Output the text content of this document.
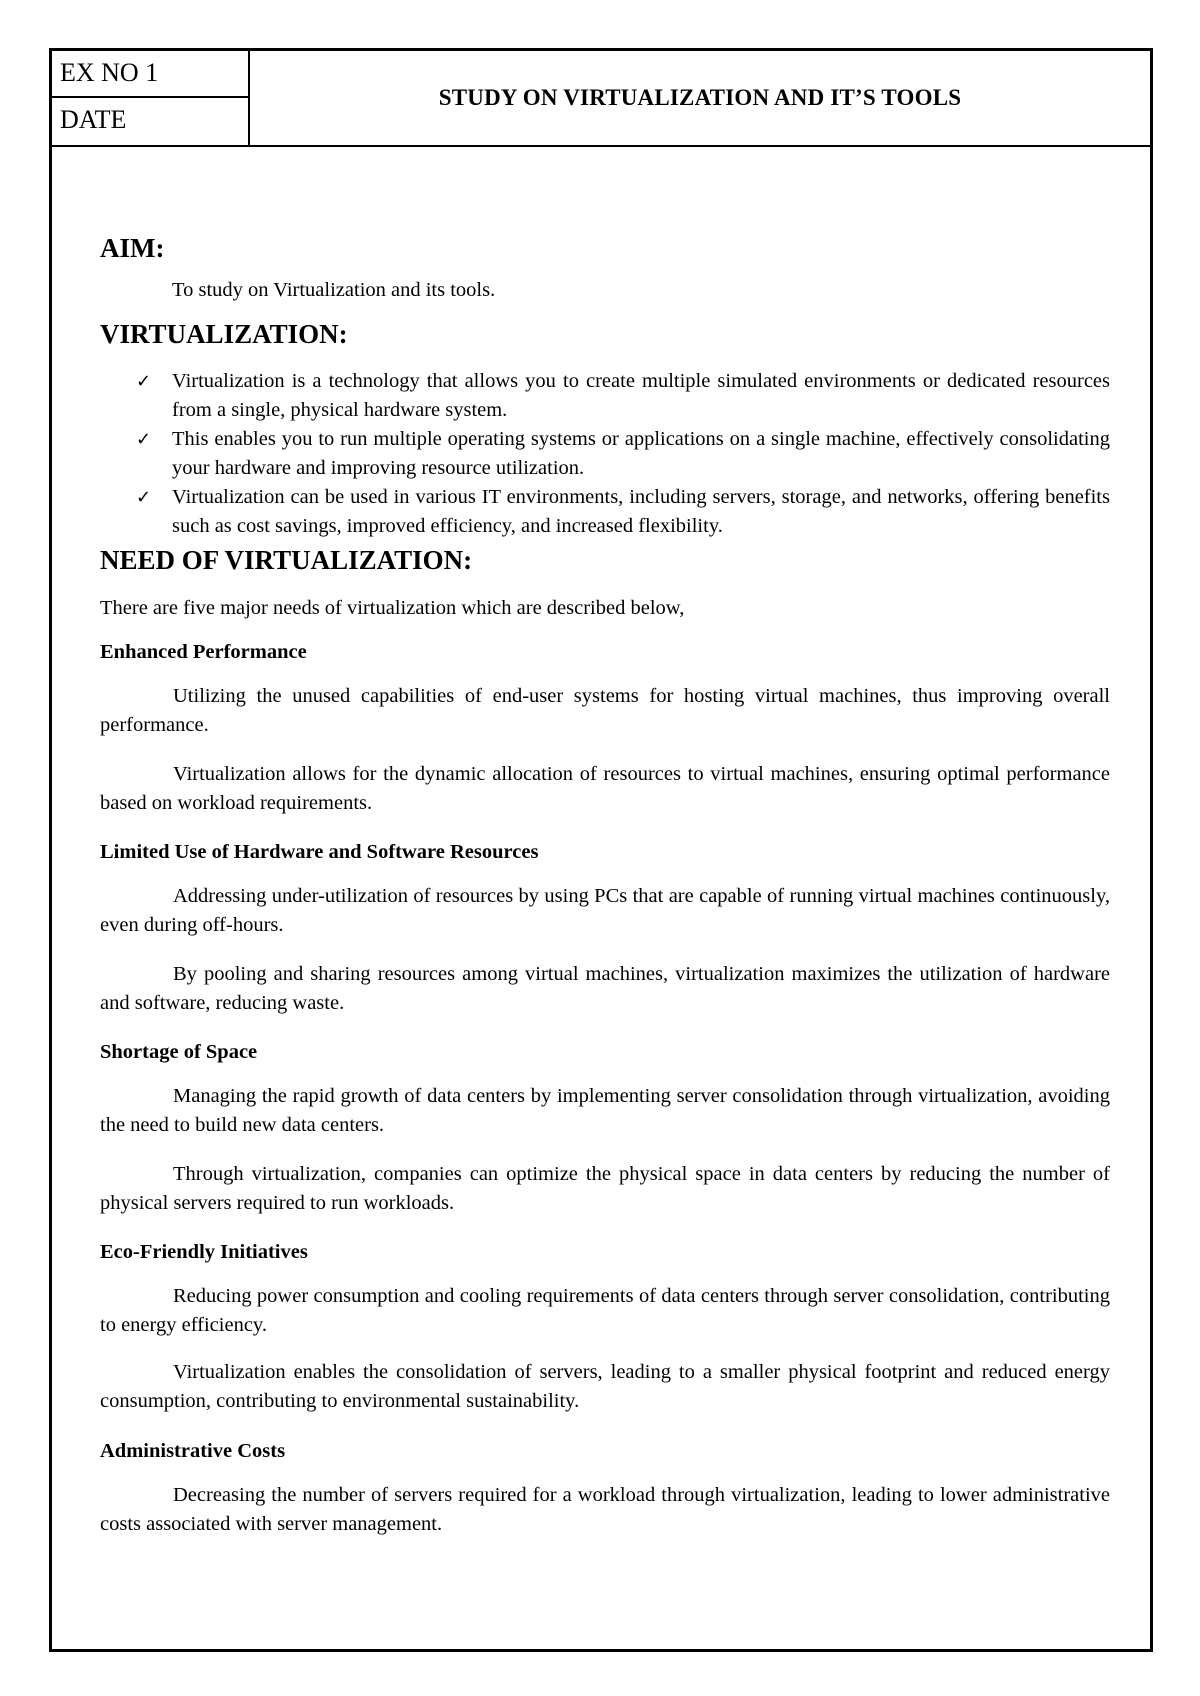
EX NO 1
DATE
STUDY ON VIRTUALIZATION AND IT’S TOOLS
AIM:

To study on Virtualization and its tools.

VIRTUALIZATION:
✓ Virtualization is a technology that allows you to create multiple simulated environments or dedicated resources from a single, physical hardware system.
✓ This enables you to run multiple operating systems or applications on a single machine, effectively consolidating your hardware and improving resource utilization.
✓ Virtualization can be used in various IT environments, including servers, storage, and networks, offering benefits such as cost savings, improved efficiency, and increased flexibility.
NEED OF VIRTUALIZATION:

There are five major needs of virtualization which are described below,

Enhanced Performance

Utilizing the unused capabilities of end-user systems for hosting virtual machines, thus improving overall performance.

Virtualization allows for the dynamic allocation of resources to virtual machines, ensuring optimal performance based on workload requirements.

Limited Use of Hardware and Software Resources

Addressing under-utilization of resources by using PCs that are capable of running virtual machines continuously, even during off-hours.

By pooling and sharing resources among virtual machines, virtualization maximizes the utilization of hardware and software, reducing waste.

Shortage of Space

Managing the rapid growth of data centers by implementing server consolidation through virtualization, avoiding the need to build new data centers.

Through virtualization, companies can optimize the physical space in data centers by reducing the number of physical servers required to run workloads.

Eco-Friendly Initiatives

Reducing power consumption and cooling requirements of data centers through server consolidation, contributing to energy efficiency.

Virtualization enables the consolidation of servers, leading to a smaller physical footprint and reduced energy consumption, contributing to environmental sustainability.

Administrative Costs

Decreasing the number of servers required for a workload through virtualization, leading to lower administrative costs associated with server management.
